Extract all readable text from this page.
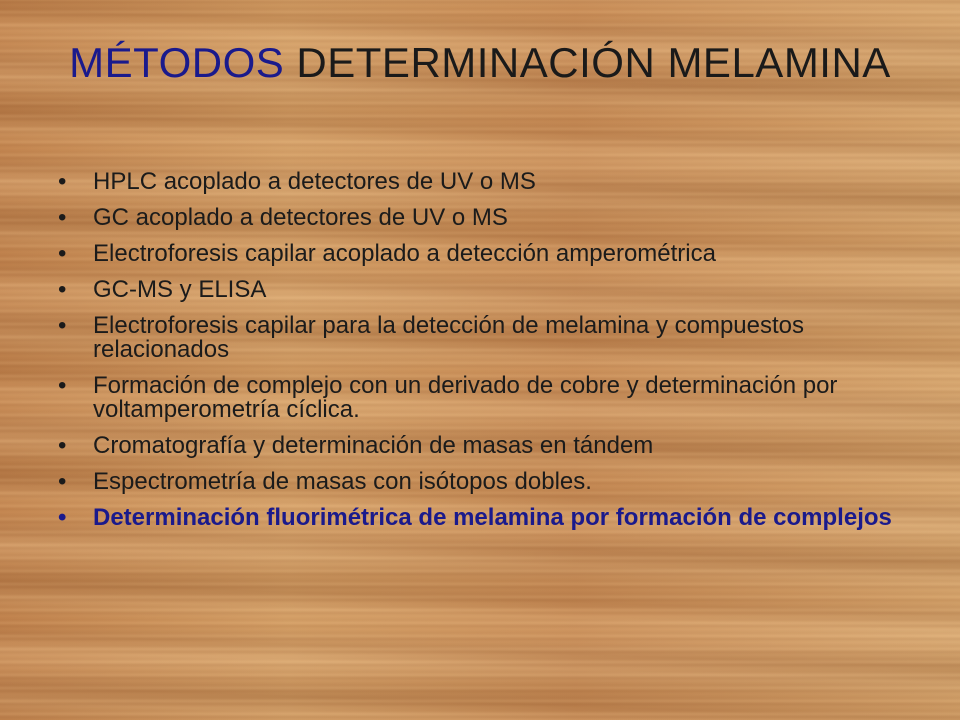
MÉTODOS DETERMINACIÓN MELAMINA
• HPLC acoplado a detectores de UV o MS
• GC acoplado a detectores de UV o MS
• Electroforesis capilar acoplado a detección amperométrica
• GC-MS y ELISA
• Electroforesis capilar para la detección de melamina y compuestos relacionados
• Formación de complejo con un derivado de cobre y determinación por voltamperometría cíclica.
• Cromatografía y determinación de masas en tándem
• Espectrometría de masas con isótopos dobles.
• Determinación fluorimétrica de melamina por formación de complejos
